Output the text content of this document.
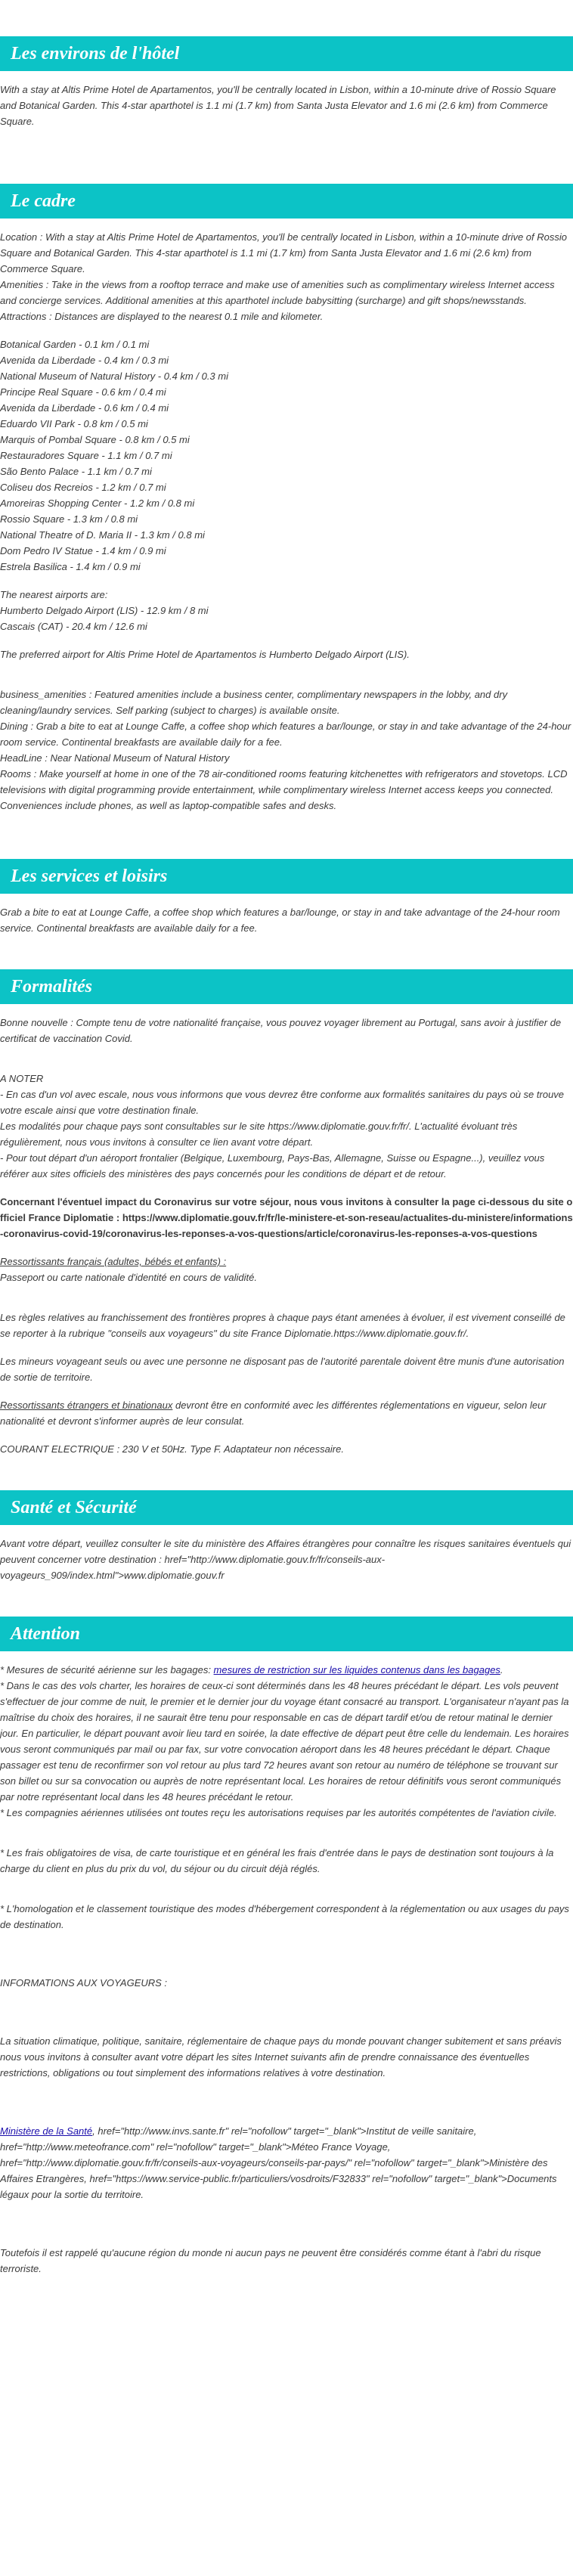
Les environs de l'hôtel

With a stay at Altis Prime Hotel de Apartamentos, you'll be centrally located in Lisbon, within a 10-minute drive of Rossio Square and Botanical Garden. This 4-star aparthotel is 1.1 mi (1.7 km) from Santa Justa Elevator and 1.6 mi (2.6 km) from Commerce Square.

Le cadre
Location : With a stay at Altis Prime Hotel de Apartamentos, you'll be centrally located in Lisbon, within a 10-minute drive of Rossio Square and Botanical Garden. This 4-star aparthotel is 1.1 mi (1.7 km) from Santa Justa Elevator and 1.6 mi (2.6 km) from Commerce Square.
Amenities : Take in the views from a rooftop terrace and make use of amenities such as complimentary wireless Internet access and concierge services. Additional amenities at this aparthotel include babysitting (surcharge) and gift shops/newsstands.
Attractions : Distances are displayed to the nearest 0.1 mile and kilometer.
Botanical Garden - 0.1 km / 0.1 mi
Avenida da Liberdade - 0.4 km / 0.3 mi
National Museum of Natural History - 0.4 km / 0.3 mi
Principe Real Square - 0.6 km / 0.4 mi
Avenida da Liberdade - 0.6 km / 0.4 mi
Eduardo VII Park - 0.8 km / 0.5 mi
Marquis of Pombal Square - 0.8 km / 0.5 mi
Restauradores Square - 1.1 km / 0.7 mi
São Bento Palace - 1.1 km / 0.7 mi
Coliseu dos Recreios - 1.2 km / 0.7 mi
Amoreiras Shopping Center - 1.2 km / 0.8 mi
Rossio Square - 1.3 km / 0.8 mi
National Theatre of D. Maria II - 1.3 km / 0.8 mi
Dom Pedro IV Statue - 1.4 km / 0.9 mi
Estrela Basilica - 1.4 km / 0.9 mi
The nearest airports are:
Humberto Delgado Airport (LIS) - 12.9 km / 8 mi
Cascais (CAT) - 20.4 km / 12.6 mi

The preferred airport for Altis Prime Hotel de Apartamentos is Humberto Delgado Airport (LIS).

business_amenities : Featured amenities include a business center, complimentary newspapers in the lobby, and dry cleaning/laundry services. Self parking (subject to charges) is available onsite.
Dining : Grab a bite to eat at Lounge Caffe, a coffee shop which features a bar/lounge, or stay in and take advantage of the 24-hour room service. Continental breakfasts are available daily for a fee.
HeadLine : Near National Museum of Natural History
Rooms : Make yourself at home in one of the 78 air-conditioned rooms featuring kitchenettes with refrigerators and stovetops. LCD televisions with digital programming provide entertainment, while complimentary wireless Internet access keeps you connected. Conveniences include phones, as well as laptop-compatible safes and desks.
Les services et loisirs

Grab a bite to eat at Lounge Caffe, a coffee shop which features a bar/lounge, or stay in and take advantage of the 24-hour room service. Continental breakfasts are available daily for a fee.

Formalités

Bonne nouvelle : Compte tenu de votre nationalité française, vous pouvez voyager librement au Portugal, sans avoir à justifier de certificat de vaccination Covid.

A NOTER
- En cas d'un vol avec escale, nous vous informons que vous devrez être conforme aux formalités sanitaires du pays où se trouve votre escale ainsi que votre destination finale.
Les modalités pour chaque pays sont consultables sur le site https://www.diplomatie.gouv.fr/fr/. L'actualité évoluant très régulièrement, nous vous invitons à consulter ce lien avant votre départ.
- Pour tout départ d'un aéroport frontalier (Belgique, Luxembourg, Pays-Bas, Allemagne, Suisse ou Espagne...), veuillez vous référer aux sites officiels des ministères des pays concernés pour les conditions de départ et de retour.

Concernant l'éventuel impact du Coronavirus sur votre séjour, nous vous invitons à consulter la page ci-dessous du site officiel France Diplomatie : https://www.diplomatie.gouv.fr/fr/le-ministere-et-son-reseau/actualites-du-ministere/informations-coronavirus-covid-19/coronavirus-les-reponses-a-vos-questions/article/coronavirus-les-reponses-a-vos-questions

Ressortissants français (adultes, bébés et enfants) :
Passeport ou carte nationale d'identité en cours de validité.

Les règles relatives au franchissement des frontières propres à chaque pays étant amenées à évoluer, il est vivement conseillé de se reporter à la rubrique "conseils aux voyageurs" du site France Diplomatie.https://www.diplomatie.gouv.fr/.

Les mineurs voyageant seuls ou avec une personne ne disposant pas de l'autorité parentale doivent être munis d'une autorisation de sortie de territoire.

Ressortissants étrangers et binationaux devront être en conformité avec les différentes réglementations en vigueur, selon leur nationalité et devront s'informer auprès de leur consulat.

COURANT ELECTRIQUE : 230 V et 50Hz. Type F. Adaptateur non nécessaire.

Santé et Sécurité

Avant votre départ, veuillez consulter le site du ministère des Affaires étrangères pour connaître les risques sanitaires éventuels qui peuvent concerner votre destination : href="http://www.diplomatie.gouv.fr/fr/conseils-aux-voyageurs_909/index.html">www.diplomatie.gouv.fr

Attention
* Mesures de sécurité aérienne sur les bagages: mesures de restriction sur les liquides contenus dans les bagages.
* Dans le cas des vols charter, les horaires de ceux-ci sont déterminés dans les 48 heures précédant le départ. Les vols peuvent s'effectuer de jour comme de nuit, le premier et le dernier jour du voyage étant consacré au transport. L'organisateur n'ayant pas la maîtrise du choix des horaires, il ne saurait être tenu pour responsable en cas de départ tardif et/ou de retour matinal le dernier jour. En particulier, le départ pouvant avoir lieu tard en soirée, la date effective de départ peut être celle du lendemain. Les horaires vous seront communiqués par mail ou par fax, sur votre convocation aéroport dans les 48 heures précédant le départ. Chaque passager est tenu de reconfirmer son vol retour au plus tard 72 heures avant son retour au numéro de téléphone se trouvant sur son billet ou sur sa convocation ou auprès de notre représentant local. Les horaires de retour définitifs vous seront communiqués par notre représentant local dans les 48 heures précédant le retour.
* Les compagnies aériennes utilisées ont toutes reçu les autorisations requises par les autorités compétentes de l'aviation civile.

* Les frais obligatoires de visa, de carte touristique et en général les frais d'entrée dans le pays de destination sont toujours à la charge du client en plus du prix du vol, du séjour ou du circuit déjà réglés.

* L'homologation et le classement touristique des modes d'hébergement correspondent à la réglementation ou aux usages du pays de destination.

INFORMATIONS AUX VOYAGEURS :

La situation climatique, politique, sanitaire, réglementaire de chaque pays du monde pouvant changer subitement et sans préavis
nous vous invitons à consulter avant votre départ les sites Internet suivants afin de prendre connaissance des éventuelles restrictions, obligations ou tout simplement des informations relatives à votre destination.

Ministère de la Santé, href="http://www.invs.sante.fr" rel="nofollow" target="_blank">Institut de veille sanitaire, href="http://www.meteofrance.com" rel="nofollow" target="_blank">Méteo France Voyage, href="http://www.diplomatie.gouv.fr/fr/conseils-aux-voyageurs/conseils-par-pays/" rel="nofollow" target="_blank">Ministère des Affaires Etrangères, href="https://www.service-public.fr/particuliers/vosdroits/F32833" rel="nofollow" target="_blank">Documents légaux pour la sortie du territoire.

Toutefois il est rappelé qu'aucune région du monde ni aucun pays ne peuvent être considérés comme étant à l'abri du risque terroriste.
